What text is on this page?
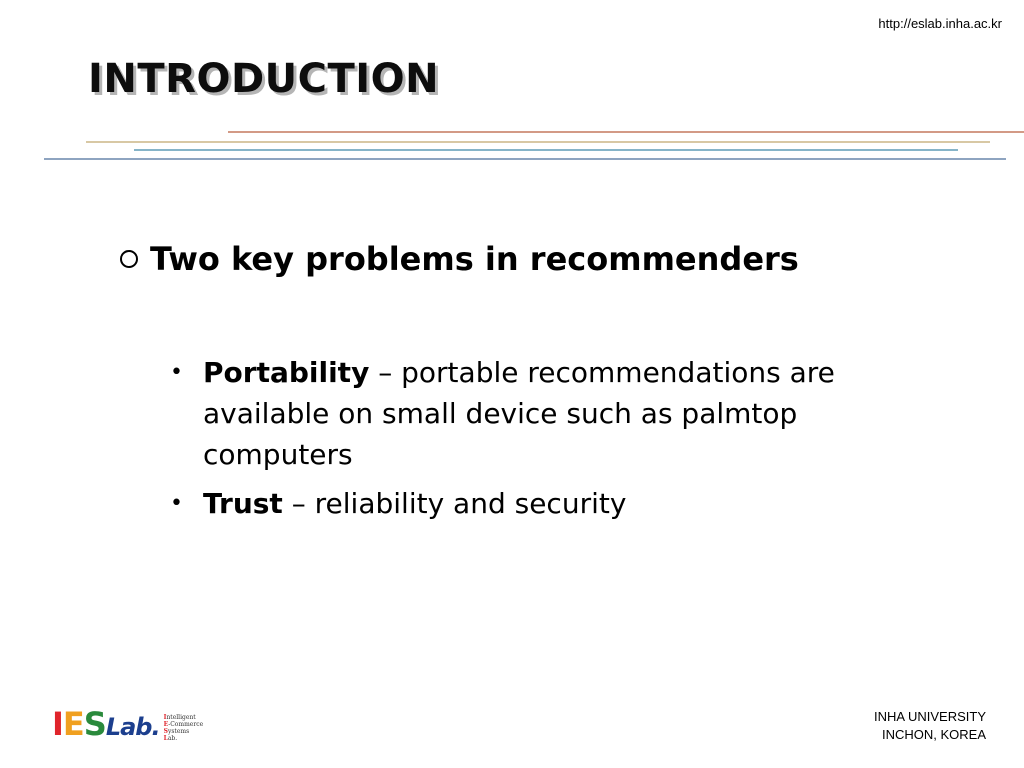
http://eslab.inha.ac.kr
INTRODUCTION
Two key problems in recommenders
• Portability – portable recommendations are available on small device such as palmtop computers
• Trust – reliability and security
IESLab. Intelligent
E-Commerce
Systems
Lab.
INHA UNIVERSITY
INCHON, KOREA
